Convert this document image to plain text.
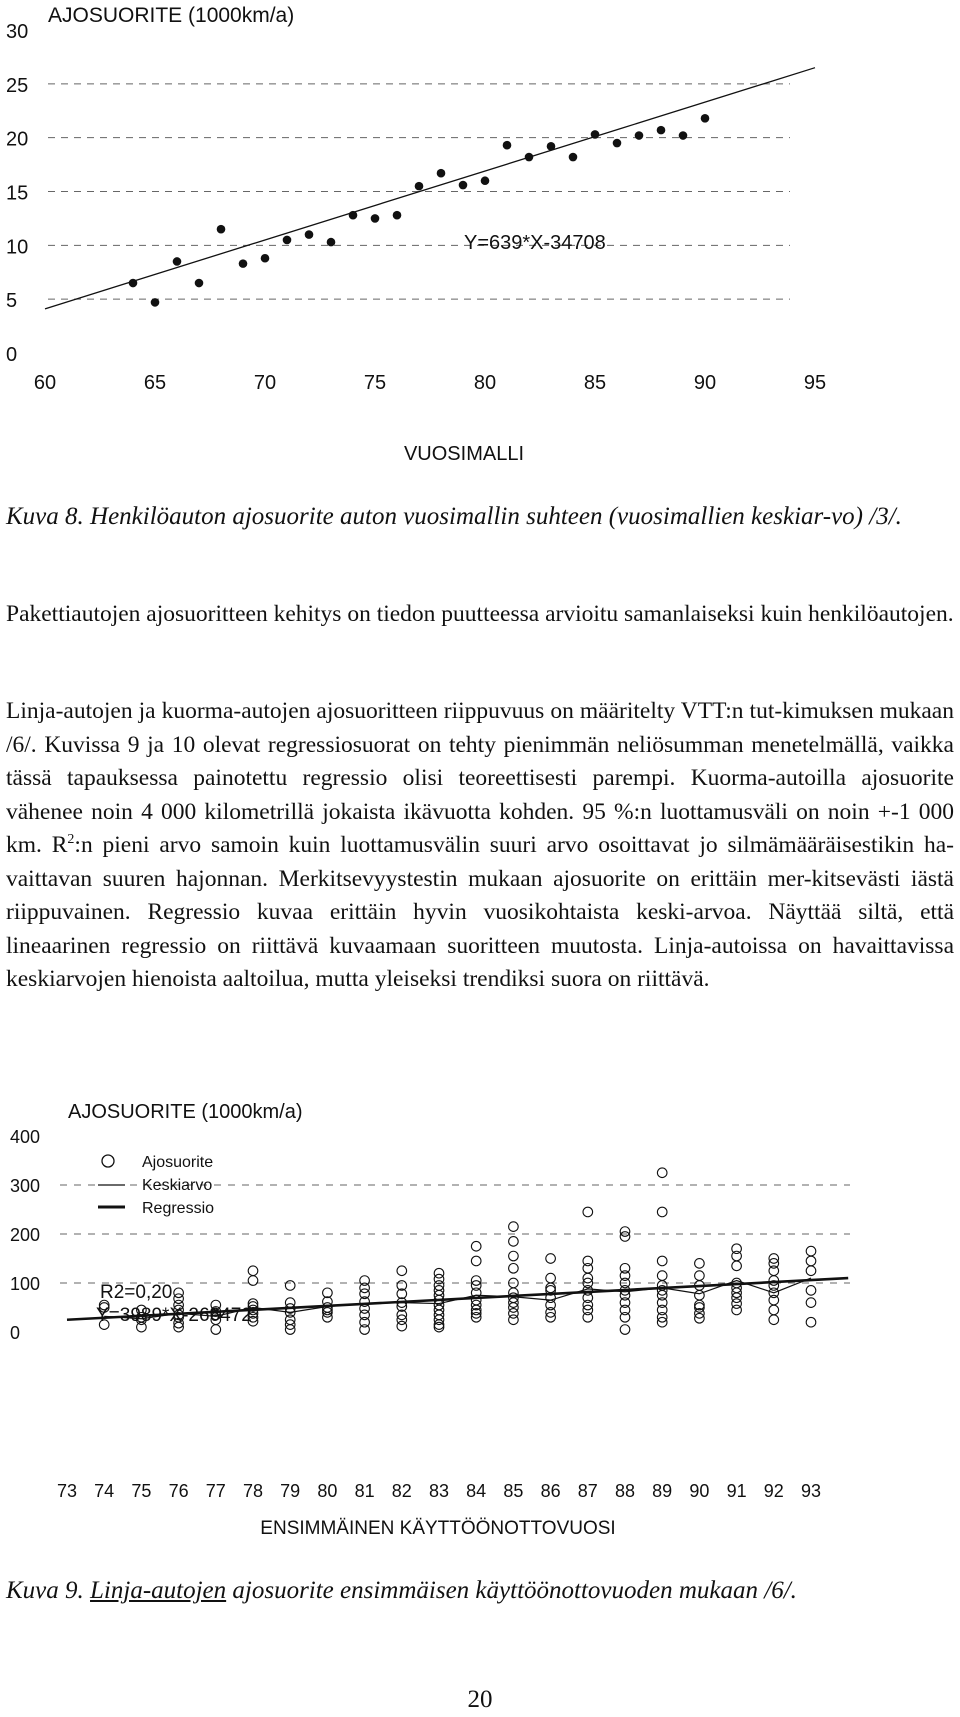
0
5
10
15
20
25
30
60	65	70	75	80	85	90	95
AJOSUORITE (1000km/a)
Y=639*X-34708
VUOSIMALLI

Kuva 8. Henkilöauton ajosuorite auton vuosimallin suhteen (vuosimallien keskiar-vo) /3/.

Pakettiautojen ajosuoritteen kehitys on tiedon puutteessa arvioitu samanlaiseksi kuin henkilöautojen.

Linja-autojen ja kuorma-autojen ajosuoritteen riippuvuus on määritelty VTT:n tut-kimuksen mukaan /6/. Kuvissa 9 ja 10 olevat regressiosuorat on tehty pienimmän neliösumman menetelmällä, vaikka tässä tapauksessa painotettu regressio olisi teoreettisesti parempi. Kuorma-autoilla ajosuorite vähenee noin 4 000 kilometrillä jokaista ikävuotta kohden. 95 %:n luottamusväli on noin +-1 000 km. $R^2:n$ pieni arvo samoin kuin luottamusvälin suuri arvo osoittavat jo silmämääräisestikin ha-vaittavan suuren hajonnan. Merkitsevyystestin mukaan ajosuorite on erittäin mer-kitsevästi iästä riippuvainen. Regressio kuvaa erittäin hyvin vuosikohtaista keski-arvoa. Näyttää siltä, että lineaarinen regressio on riittävä kuvaamaan suoritteen muutosta. Linja-autoissa on havaittavissa keskiarvojen hienoista aaltoilua, mutta yleiseksi trendiksi suora on riittävä.

0
100
200
300
400
73 74 75 76 77 78 79 80 81 82 83 84 85 86 87 88 89 90 91 92 93
AJOSUORITE (1000km/a)
Ajosuorite
Keskiarvo
Regressio
R2=0,20
Y=3989*X-266472
ENSIMMÄINEN KÄYTTÖÖNOTTOVUOSI

Kuva 9. Linja-autojen ajosuorite ensimmäisen käyttöönottovuoden mukaan /6/.

20
